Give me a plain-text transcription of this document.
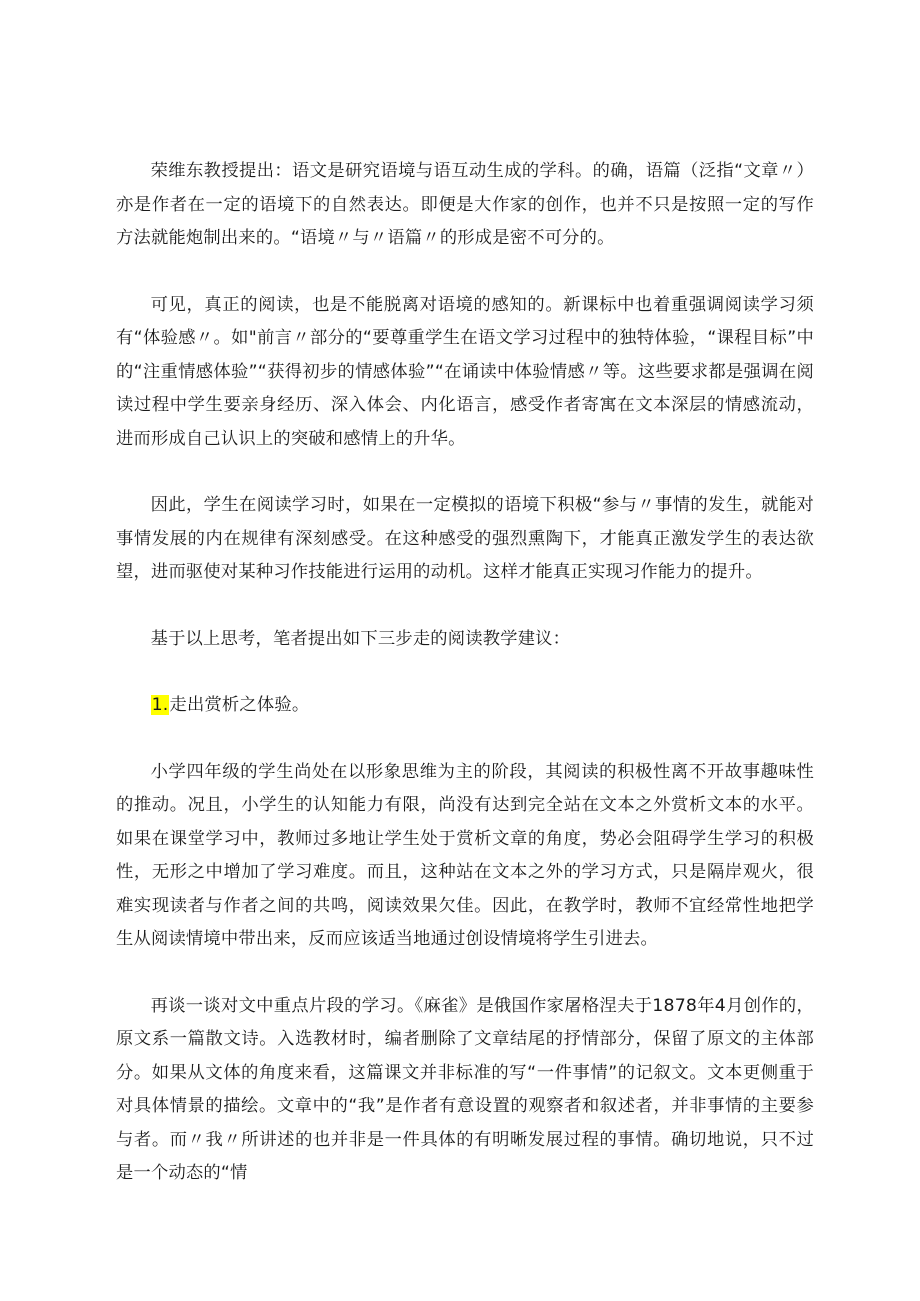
荣维东教授提出：语文是研究语境与语互动生成的学科。的确，语篇（泛指“文章〃）亦是作者在一定的语境下的自然表达。即便是大作家的创作，也并不只是按照一定的写作方法就能炮制出来的。“语境〃与〃语篇〃的形成是密不可分的。

可见，真正的阅读，也是不能脱离对语境的感知的。新课标中也着重强调阅读学习须有“体验感〃。如"前言〃部分的“要尊重学生在语文学习过程中的独特体验，“课程目标”中的“注重情感体验”“获得初步的情感体验”“在诵读中体验情感〃等。这些要求都是强调在阅读过程中学生要亲身经历、深入体会、内化语言，感受作者寄寓在文本深层的情感流动，进而形成自己认识上的突破和感情上的升华。

因此，学生在阅读学习时，如果在一定模拟的语境下积极“参与〃事情的发生，就能对事情发展的内在规律有深刻感受。在这种感受的强烈熏陶下，才能真正激发学生的表达欲望，进而驱使对某种习作技能进行运用的动机。这样才能真正实现习作能力的提升。

基于以上思考，笔者提出如下三步走的阅读教学建议：

1.走出赏析之体验。

小学四年级的学生尚处在以形象思维为主的阶段，其阅读的积极性离不开故事趣味性的推动。况且，小学生的认知能力有限，尚没有达到完全站在文本之外赏析文本的水平。如果在课堂学习中，教师过多地让学生处于赏析文章的角度，势必会阻碍学生学习的积极性，无形之中增加了学习难度。而且，这种站在文本之外的学习方式，只是隔岸观火，很难实现读者与作者之间的共鸣，阅读效果欠佳。因此，在教学时，教师不宜经常性地把学生从阅读情境中带出来，反而应该适当地通过创设情境将学生引进去。

再谈一谈对文中重点片段的学习。《麻雀》是俄国作家屠格涅夫于1878年4月创作的，原文系一篇散文诗。入选教材时，编者删除了文章结尾的抒情部分，保留了原文的主体部分。如果从文体的角度来看，这篇课文并非标准的写“一件事情”的记叙文。文本更侧重于对具体情景的描绘。文章中的“我”是作者有意设置的观察者和叙述者，并非事情的主要参与者。而〃我〃所讲述的也并非是一件具体的有明晰发展过程的事情。确切地说，只不过是一个动态的“情
